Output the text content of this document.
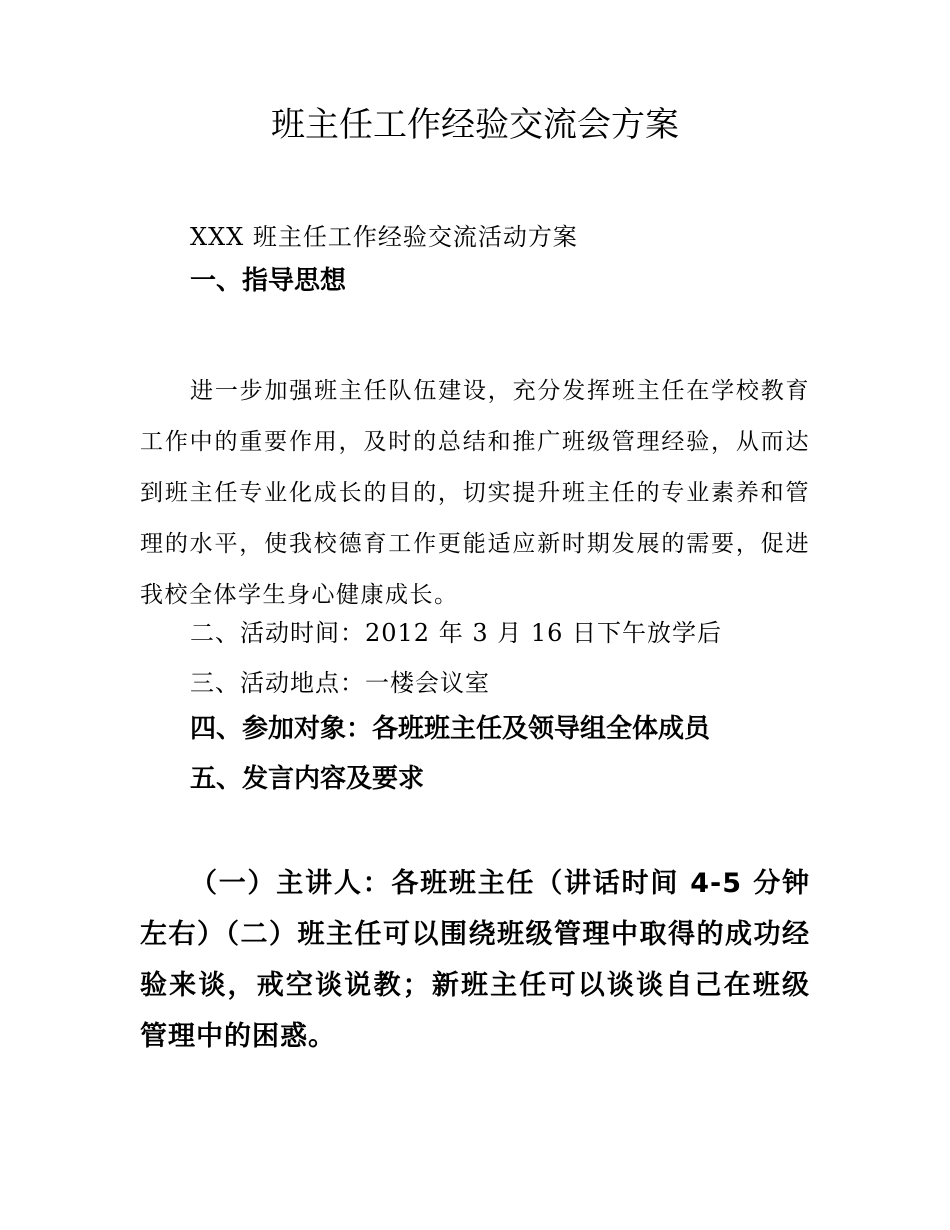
班主任工作经验交流会方案
XXX 班主任工作经验交流活动方案
一、指导思想
进一步加强班主任队伍建设，充分发挥班主任在学校教育工作中的重要作用，及时的总结和推广班级管理经验，从而达到班主任专业化成长的目的，切实提升班主任的专业素养和管理的水平，使我校德育工作更能适应新时期发展的需要，促进我校全体学生身心健康成长。
二、活动时间：2012 年 3 月 16 日下午放学后
三、活动地点：一楼会议室
四、参加对象：各班班主任及领导组全体成员
五、发言内容及要求
（一）主讲人：各班班主任（讲话时间 4-5 分钟左右）（二）班主任可以围绕班级管理中取得的成功经验来谈，戒空谈说教；新班主任可以谈谈自己在班级管理中的困惑。
